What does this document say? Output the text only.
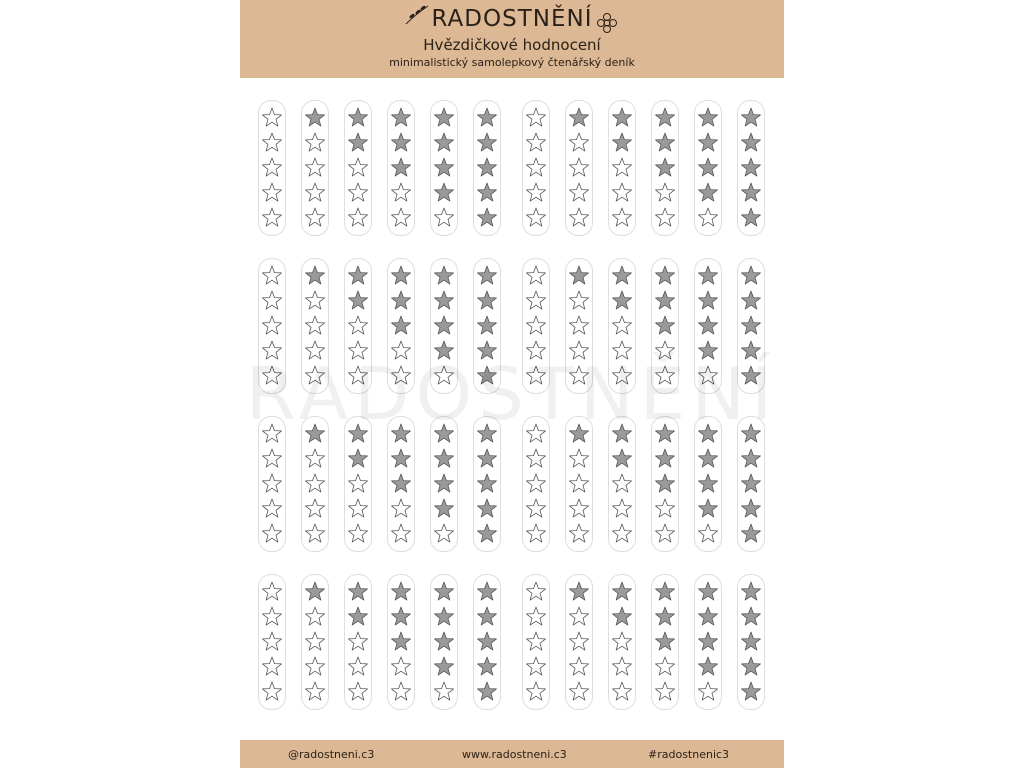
RADOSTNĚNÍ
Hvězdičkové hodnocení
minimalistický samolepkový čtenářský deník
RADOSTNĚNÍ
@radostneni.c3	www.radostneni.c3	#radostnenic3
